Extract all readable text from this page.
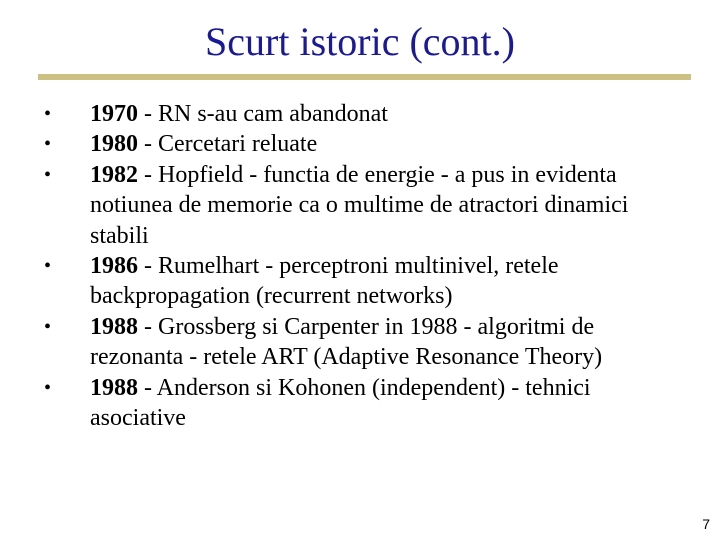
Scurt istoric (cont.)
• 1970 - RN s-au cam abandonat
• 1980 - Cercetari reluate
• 1982 - Hopfield - functia de energie - a pus in evidenta notiunea de memorie ca o multime de atractori dinamici stabili
• 1986 - Rumelhart - perceptroni multinivel, retele backpropagation (recurrent networks)
• 1988 - Grossberg si Carpenter in 1988 - algoritmi de rezonanta - retele ART (Adaptive Resonance Theory)
• 1988 - Anderson si Kohonen (independent) - tehnici asociative
7
